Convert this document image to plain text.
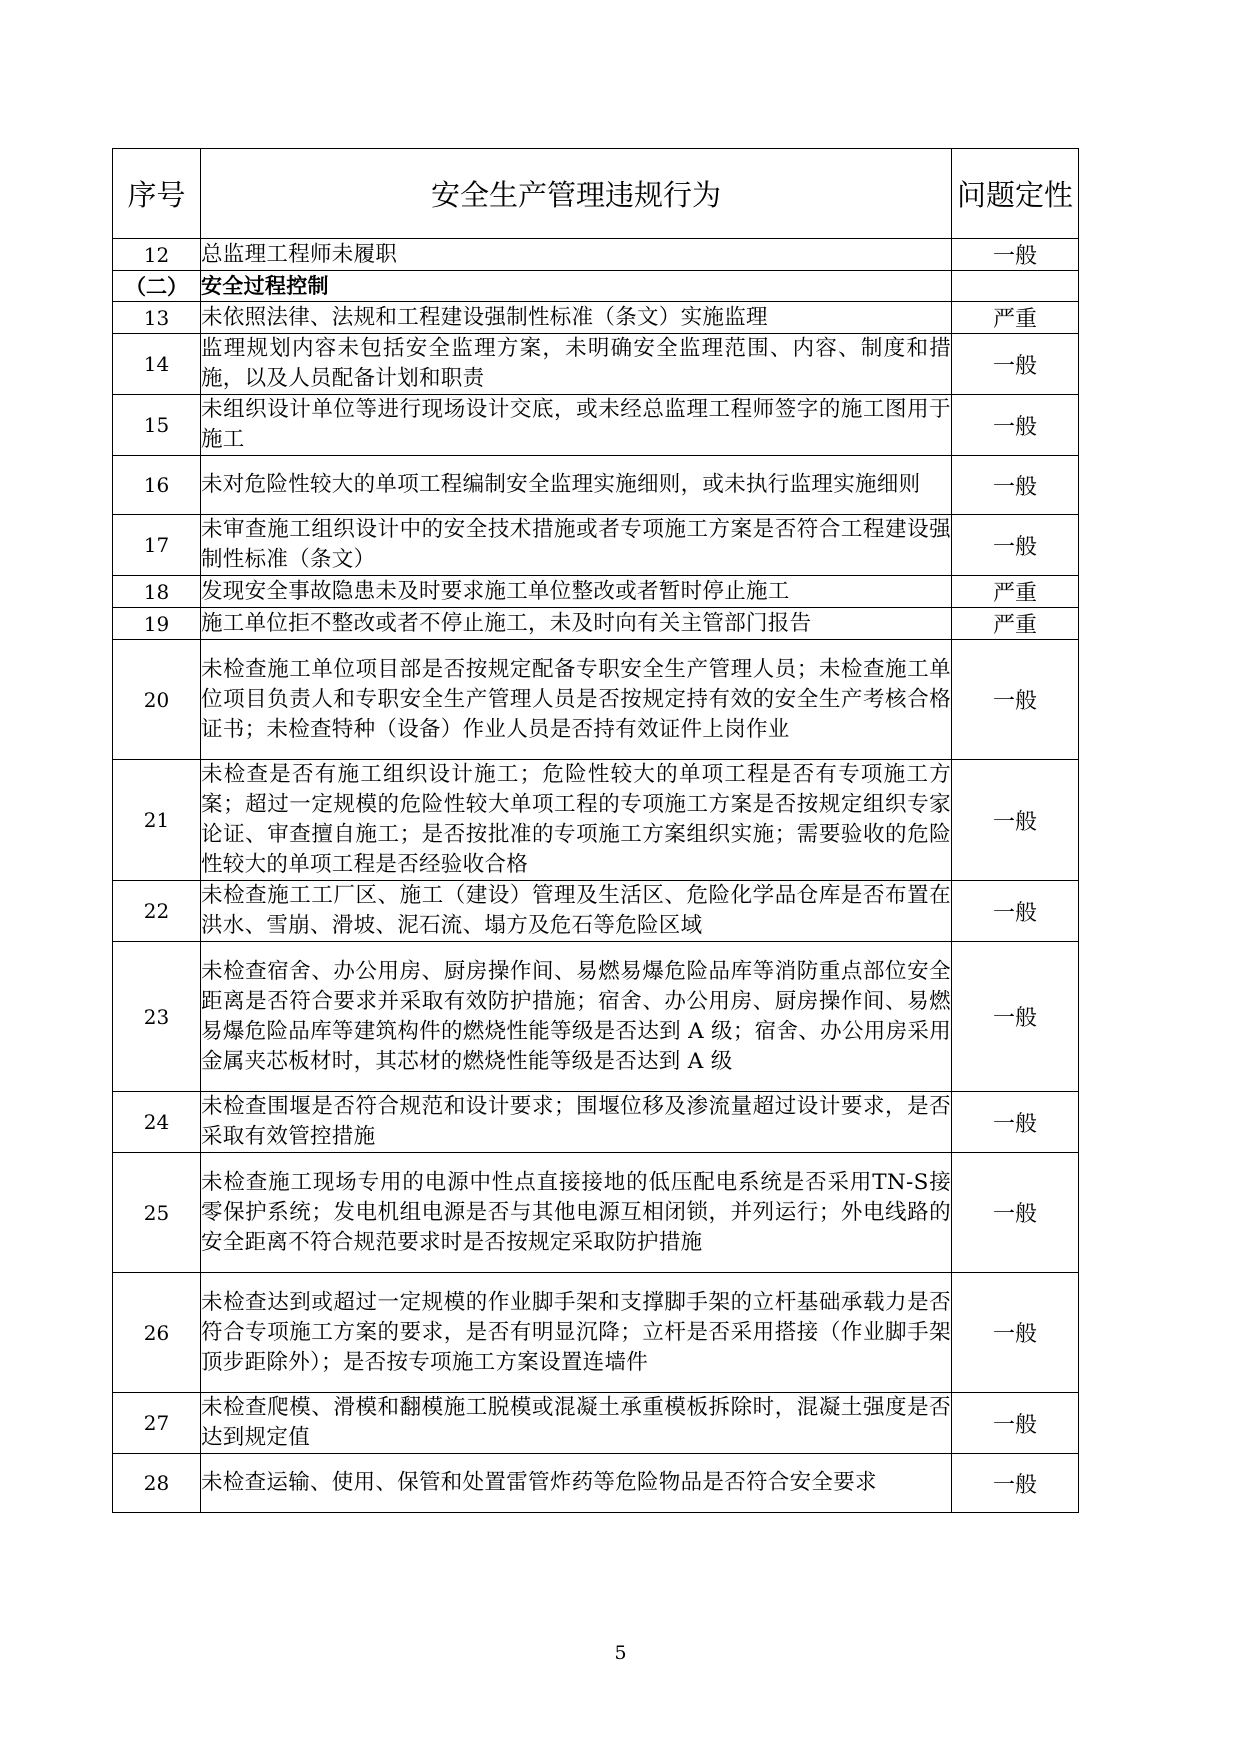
序号	安全生产管理违规行为	问题定性
12	总监理工程师未履职	一般
（二）	安全过程控制	
13	未依照法律、法规和工程建设强制性标准（条文）实施监理	严重
14	监理规划内容未包括安全监理方案，未明确安全监理范围、内容、制度和措施，以及人员配备计划和职责	一般
15	未组织设计单位等进行现场设计交底，或未经总监理工程师签字的施工图用于施工	一般
16	未对危险性较大的单项工程编制安全监理实施细则，或未执行监理实施细则	一般
17	未审查施工组织设计中的安全技术措施或者专项施工方案是否符合工程建设强制性标准（条文）	一般
18	发现安全事故隐患未及时要求施工单位整改或者暂时停止施工	严重
19	施工单位拒不整改或者不停止施工，未及时向有关主管部门报告	严重
20	未检查施工单位项目部是否按规定配备专职安全生产管理人员；未检查施工单位项目负责人和专职安全生产管理人员是否按规定持有效的安全生产考核合格证书；未检查特种（设备）作业人员是否持有效证件上岗作业	一般
21	未检查是否有施工组织设计施工；危险性较大的单项工程是否有专项施工方案；超过一定规模的危险性较大单项工程的专项施工方案是否按规定组织专家论证、审查擅自施工；是否按批准的专项施工方案组织实施；需要验收的危险性较大的单项工程是否经验收合格	一般
22	未检查施工工厂区、施工（建设）管理及生活区、危险化学品仓库是否布置在洪水、雪崩、滑坡、泥石流、塌方及危石等危险区域	一般
23	未检查宿舍、办公用房、厨房操作间、易燃易爆危险品库等消防重点部位安全距离是否符合要求并采取有效防护措施；宿舍、办公用房、厨房操作间、易燃易爆危险品库等建筑构件的燃烧性能等级是否达到 A 级；宿舍、办公用房采用金属夹芯板材时，其芯材的燃烧性能等级是否达到 A 级	一般
24	未检查围堰是否符合规范和设计要求；围堰位移及渗流量超过设计要求，是否采取有效管控措施	一般
25	未检查施工现场专用的电源中性点直接接地的低压配电系统是否采用TN-S接零保护系统；发电机组电源是否与其他电源互相闭锁，并列运行；外电线路的安全距离不符合规范要求时是否按规定采取防护措施	一般
26	未检查达到或超过一定规模的作业脚手架和支撑脚手架的立杆基础承载力是否符合专项施工方案的要求，是否有明显沉降；立杆是否采用搭接（作业脚手架顶步距除外）；是否按专项施工方案设置连墙件	一般
27	未检查爬模、滑模和翻模施工脱模或混凝土承重模板拆除时，混凝土强度是否达到规定值	一般
28	未检查运输、使用、保管和处置雷管炸药等危险物品是否符合安全要求	一般
5
